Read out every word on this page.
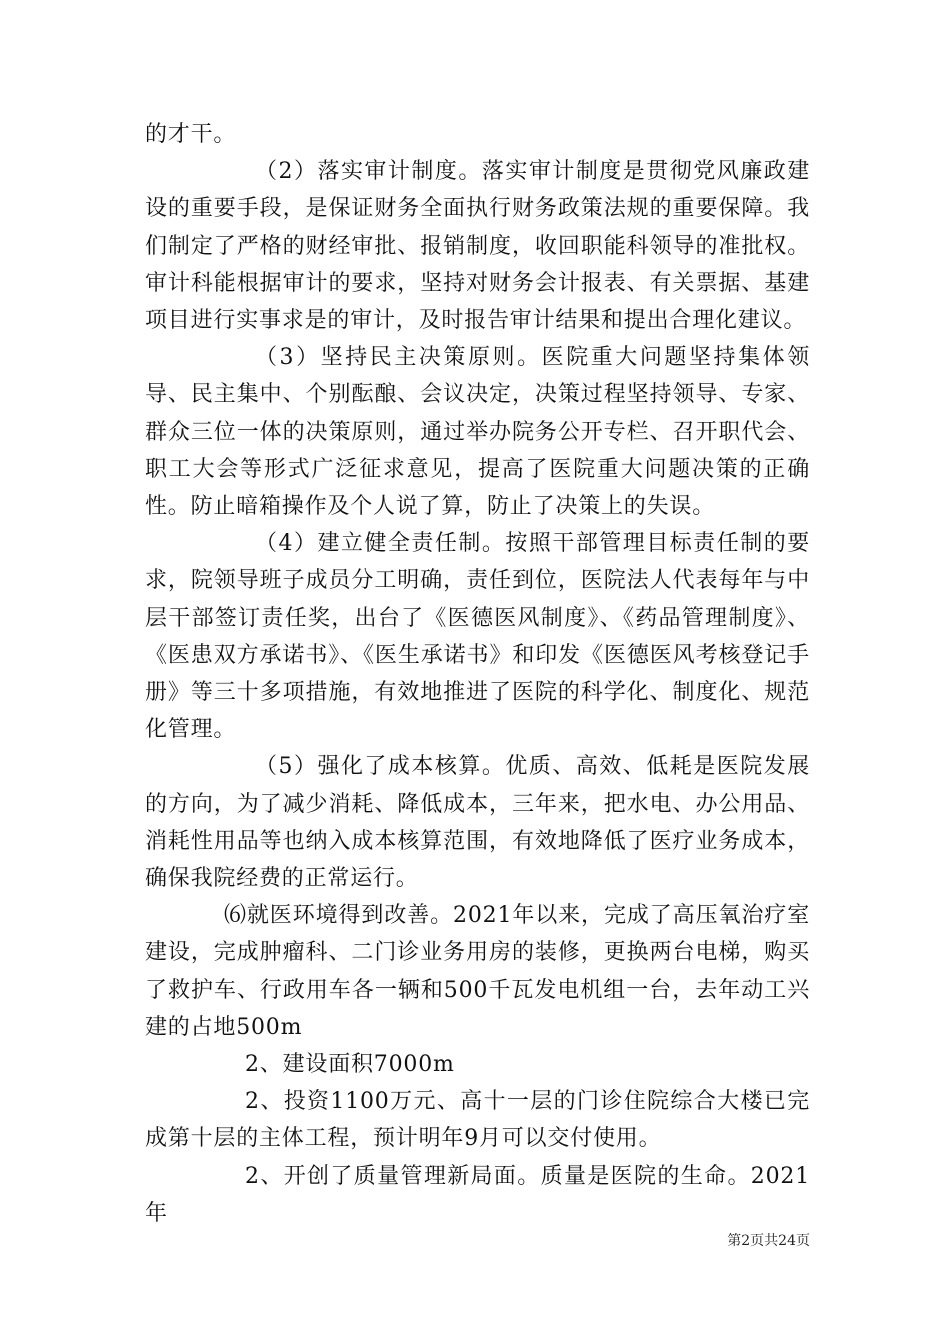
的才干。

（2）落实审计制度。落实审计制度是贯彻党风廉政建设的重要手段，是保证财务全面执行财务政策法规的重要保障。我们制定了严格的财经审批、报销制度，收回职能科领导的准批权。审计科能根据审计的要求，坚持对财务会计报表、有关票据、基建项目进行实事求是的审计，及时报告审计结果和提出合理化建议。

（3）坚持民主决策原则。医院重大问题坚持集体领导、民主集中、个别酝酿、会议决定，决策过程坚持领导、专家、群众三位一体的决策原则，通过举办院务公开专栏、召开职代会、职工大会等形式广泛征求意见，提高了医院重大问题决策的正确性。防止暗箱操作及个人说了算，防止了决策上的失误。

（4）建立健全责任制。按照干部管理目标责任制的要求，院领导班子成员分工明确，责任到位，医院法人代表每年与中层干部签订责任奖，出台了《医德医风制度》、《药品管理制度》、《医患双方承诺书》、《医生承诺书》和印发《医德医风考核登记手册》等三十多项措施，有效地推进了医院的科学化、制度化、规范化管理。

（5）强化了成本核算。优质、高效、低耗是医院发展的方向，为了减少消耗、降低成本，三年来，把水电、办公用品、消耗性用品等也纳入成本核算范围，有效地降低了医疗业务成本，确保我院经费的正常运行。

⑹就医环境得到改善。2021年以来，完成了高压氧治疗室建设，完成肿瘤科、二门诊业务用房的装修，更换两台电梯，购买了救护车、行政用车各一辆和500千瓦发电机组一台，去年动工兴建的占地500m

2、建设面积7000m

2、投资1100万元、高十一层的门诊住院综合大楼已完成第十层的主体工程，预计明年9月可以交付使用。

2、开创了质量管理新局面。质量是医院的生命。2021年

第2页共24页
